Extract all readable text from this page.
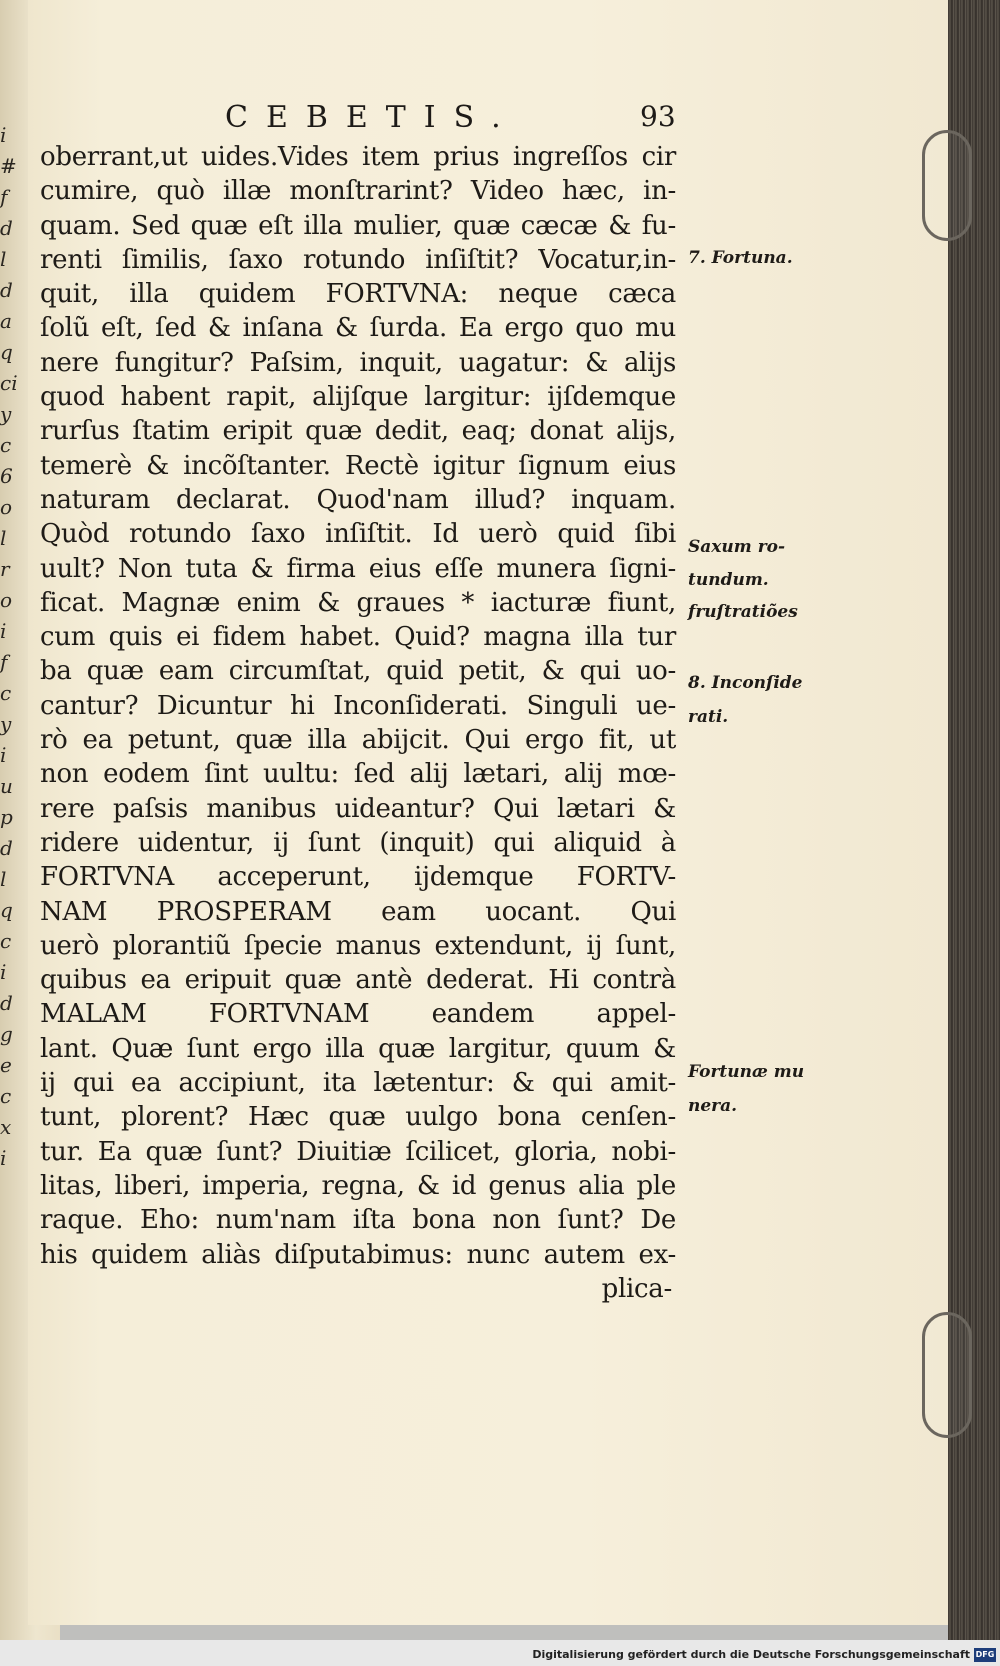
i
#
f
d
l
d
a
q
ci
y
c
6
o
l
r
o
i
f
c
y
i
u
p
d
l
q
c
i
d
g
e
c
x
i
CEBETIS.	93
oberrant,ut uides.Vides item prius ingreſſos cir
cumire, quò illæ monſtrarint? Video hæc, in-
quam. Sed quæ eſt illa mulier, quæ cæcæ & fu-
renti ſimilis, ſaxo rotundo inſiſtit? Vocatur,in-
quit, illa quidem FORTVNA: neque cæca
ſolũ eſt, ſed & inſana & ſurda. Ea ergo quo mu
nere fungitur? Paſsim, inquit, uagatur: & alijs
quod habent rapit, alijſque largitur: ijſdemque
rurſus ſtatim eripit quæ dedit, eaq; donat alijs,
temerè & incõſtanter. Rectè igitur ſignum eius
naturam declarat. Quod'nam illud? inquam.
Quòd rotundo ſaxo inſiſtit. Id uerò quid ſibi
uult? Non tuta & firma eius eſſe munera ſigni-
ficat. Magnæ enim & graues * iacturæ fiunt,
cum quis ei fidem habet. Quid? magna illa tur
ba quæ eam circumſtat, quid petit, & qui uo-
cantur? Dicuntur hi Inconſiderati. Singuli ue-
rò ea petunt, quæ illa abijcit. Qui ergo fit, ut
non eodem ſint uultu: ſed alij lætari, alij mœ-
rere paſsis manibus uideantur? Qui lætari &
ridere uidentur, ij ſunt (inquit) qui aliquid à
FORTVNA acceperunt, ijdemque FORTV-
NAM PROSPERAM eam uocant. Qui
uerò plorantiũ ſpecie manus extendunt, ij ſunt,
quibus ea eripuit quæ antè dederat. Hi contrà
MALAM FORTVNAM eandem appel-
lant. Quæ ſunt ergo illa quæ largitur, quum &
ij qui ea accipiunt, ita lætentur: & qui amit-
tunt, plorent? Hæc quæ uulgo bona cenſen-
tur. Ea quæ ſunt? Diuitiæ ſcilicet, gloria, nobi-
litas, liberi, imperia, regna, & id genus alia ple
raque. Eho: num'nam iſta bona non ſunt? De
his quidem aliàs diſputabimus: nunc autem ex-
plica-
7. Fortuna.
Saxum ro-
tundum.
fruſtratiões
8. Inconſide
rati.
Fortunæ mu
nera.
Digitalisierung gefördert durch die Deutsche Forschungsgemeinschaft DFG
